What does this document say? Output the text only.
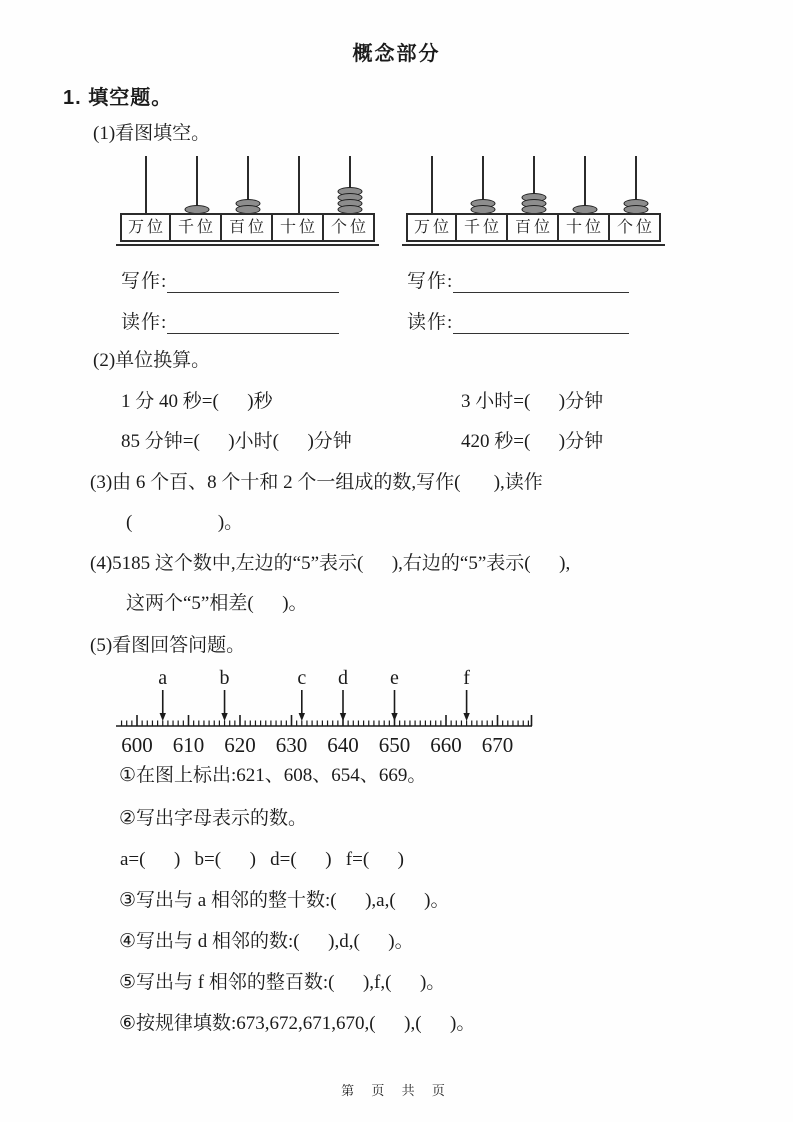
概念部分
1. 填空题。
(1)看图填空。
万位 千位 百位 十位 个位	万位 千位 百位 十位 个位
写作:
读作:
写作:
读作:
(2)单位换算。
1 分 40 秒=(      )秒	3 小时=(      )分钟
85 分钟=(      )小时(      )分钟	420 秒=(      )分钟
(3)由 6 个百、8 个十和 2 个一组成的数,写作(       ),读作
(                  )。
(4)5185 这个数中,左边的“5”表示(      ),右边的“5”表示(      ),
这两个“5”相差(      )。
(5)看图回答问题。
600 610 620 630 640 650 660 670
a	b	c d e	f
①在图上标出:621、608、654、669。
②写出字母表示的数。
a=(      )   b=(      )   d=(      )   f=(      )
③写出与 a 相邻的整十数:(      ),a,(      )。
④写出与 d 相邻的数:(      ),d,(      )。
⑤写出与 f 相邻的整百数:(      ),f,(      )。
⑥按规律填数:673,672,671,670,(      ),(      )。
第 页 共 页
